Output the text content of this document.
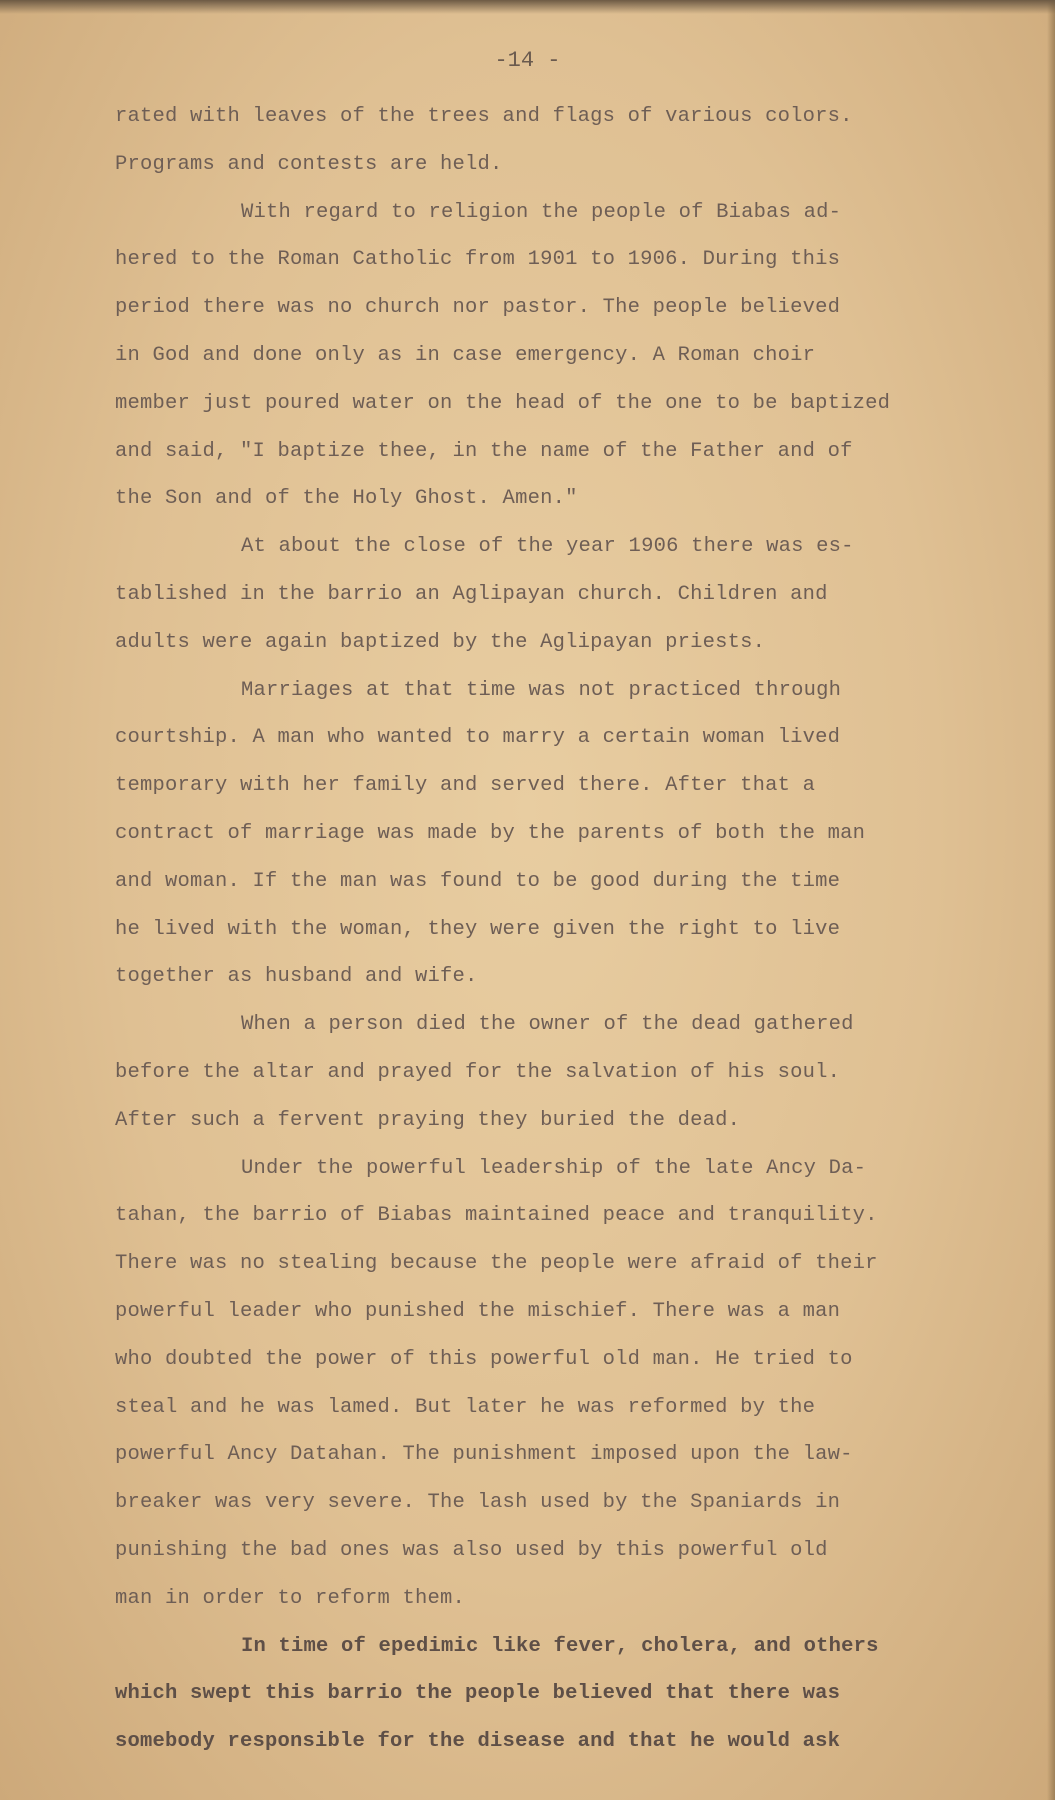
-14 -
rated with leaves of the trees and flags of various colors.
Programs and contests are held.
With regard to religion the people of Biabas ad-
hered to the Roman Catholic from 1901 to 1906. During this
period there was no church nor pastor. The people believed
in God and done only as in case emergency. A Roman choir
member just poured water on the head of the one to be baptized
and said, "I baptize thee, in the name of the Father and of
the Son and of the Holy Ghost. Amen."
At about the close of the year 1906 there was es-
tablished in the barrio an Aglipayan church. Children and
adults were again baptized by the Aglipayan priests.
Marriages at that time was not practiced through
courtship. A man who wanted to marry a certain woman lived
temporary with her family and served there. After that a
contract of marriage was made by the parents of both the man
and woman. If the man was found to be good during the time
he lived with the woman, they were given the right to live
together as husband and wife.
When a person died the owner of the dead gathered
before the altar and prayed for the salvation of his soul.
After such a fervent praying they buried the dead.
Under the powerful leadership of the late Ancy Da-
tahan, the barrio of Biabas maintained peace and tranquility.
There was no stealing because the people were afraid of their
powerful leader who punished the mischief. There was a man
who doubted the power of this powerful old man. He tried to
steal and he was lamed. But later he was reformed by the
powerful Ancy Datahan. The punishment imposed upon the law-
breaker was very severe. The lash used by the Spaniards in
punishing the bad ones was also used by this powerful old
man in order to reform them.
In time of epedimic like fever, cholera, and others
which swept this barrio the people believed that there was
somebody responsible for the disease and that he would ask
